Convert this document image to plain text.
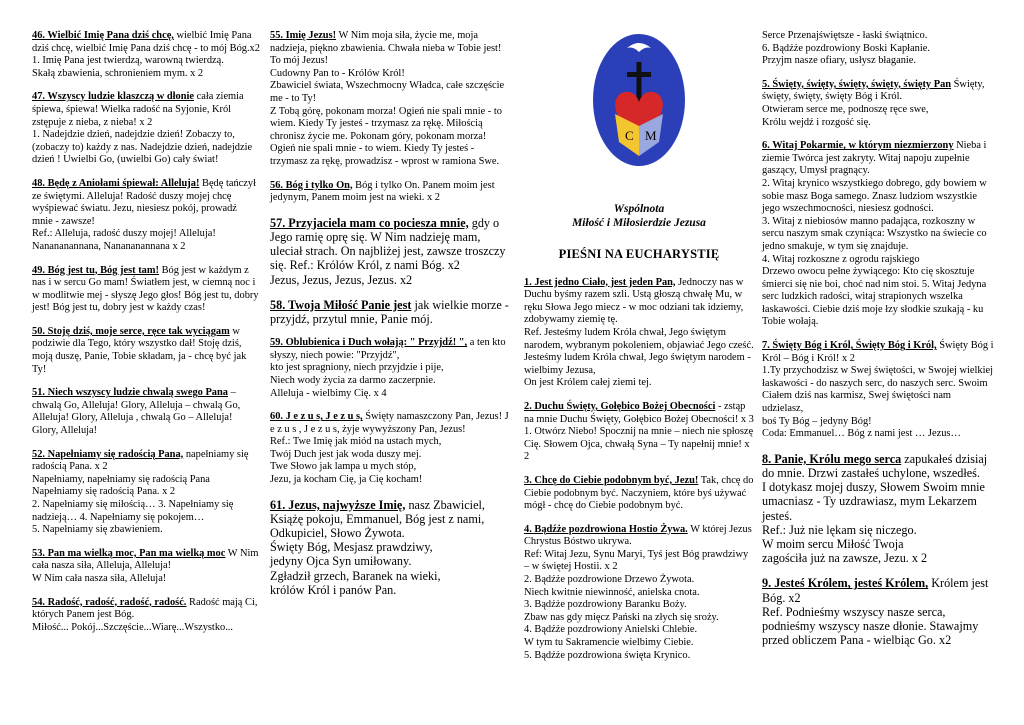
46. Wielbić Imię Pana dziś chcę, wielbić Imię Pana dziś chcę, wielbić Imię Pana dziś chcę - to mój Bóg.x2
1. Imię Pana jest twierdzą, warowną twierdzą.
Skałą zbawienia, schronieniem mym. x 2
47. Wszyscy ludzie klaszczą w dłonie cała ziemia śpiewa, śpiewa! Wielka radość na Syjonie, Król zstępuje z nieba, z nieba! x 2
1. Nadejdzie dzień, nadejdzie dzień! Zobaczy to, (zobaczy to) każdy z nas. Nadejdzie dzień, nadejdzie dzień ! Uwielbi Go, (uwielbi Go) cały świat!
48. Będę z Aniołami śpiewał: Alleluja! Będę tańczył ze świętymi. Alleluja! Radość duszy mojej chcę wyśpiewać światu. Jezu, niesiesz pokój, prowadź mnie - zawsze!
Ref.: Alleluja, radość duszy mojej! Alleluja! Nanananannana, Nanananannana x 2
49. Bóg jest tu, Bóg jest tam! Bóg jest w każdym z nas i w sercu Go mam! Światłem jest, w ciemną noc i w modlitwie mej - słyszę Jego głos! Bóg jest tu, dobry jest! Bóg jest tu, dobry jest w każdy czas!
50. Stoję dziś, moje serce, ręce tak wyciągam w podziwie dla Tego, który wszystko dał! Stoję dziś, moją duszę, Panie, Tobie składam, ja - chcę być jak Ty!
51. Niech wszyscy ludzie chwalą swego Pana – chwalą Go, Alleluja! Glory, Alleluja – chwalą Go, Alleluja! Glory, Alleluja , chwalą Go – Alleluja! Glory, Alleluja!
52. Napełniamy się radością Pana, napełniamy się radością Pana. x 2
Napełniamy, napełniamy się radością Pana
Napełniamy się radością Pana. x 2
2. Napełniamy się miłością… 3. Napełniamy się nadzieją… 4. Napełniamy się pokojem…
5. Napełniamy się zbawieniem.
53. Pan ma wielką moc, Pan ma wielką moc W Nim cała nasza siła, Alleluja, Alleluja!
W Nim cała nasza siła, Alleluja!
54. Radość, radość, radość, radość. Radość mają Ci, których Panem jest Bóg.
Miłość... Pokój...Szczęście...Wiarę...Wszystko...
55. Imię Jezus! W Nim moja siła, życie me, moja nadzieja, piękno zbawienia. Chwała nieba w Tobie jest! To mój Jezus!
Cudowny Pan to - Królów Król!
Zbawiciel świata, Wszechmocny Władca, całe szczęście me - to Ty!
Z Tobą górę, pokonam morza! Ogień nie spali mnie - to wiem. Kiedy Ty jesteś - trzymasz za rękę. Miłością chronisz życie me. Pokonam góry, pokonam morza! Ogień nie spali mnie - to wiem. Kiedy Ty jesteś - trzymasz za rękę, prowadzisz - wprost w ramiona Swe.
56. Bóg i tylko On, Bóg i tylko On. Panem moim jest jedynym, Panem moim jest na wieki. x 2
57. Przyjaciela mam co pociesza mnie, gdy o Jego ramię oprę się. W Nim nadzieję mam, uleciał strach. On najbliżej jest, zawsze troszczy się. Ref.: Królów Król, z nami Bóg. x2
Jezus, Jezus, Jezus, Jezus. x2
58. Twoja Miłość Panie jest jak wielkie morze - przyjdź, przytul mnie, Panie mój.
59. Oblubienica i Duch wołają: " Przyjdź! ", a ten kto słyszy, niech powie: "Przyjdź",
kto jest spragniony, niech przyjdzie i pije,
Niech wody życia za darmo zaczerpnie.
Alleluja - wielbimy Cię. x 4
60. J e z u s, J e z u s, Święty namaszczony Pan, Jezus! J e z u s , J e z u s, żyje wywyższony Pan, Jezus!
Ref.: Twe Imię jak miód na ustach mych,
Twój Duch jest jak woda duszy mej.
Twe Słowo jak lampa u mych stóp,
Jezu, ja kocham Cię, ja Cię kocham!
61. Jezus, najwyższe Imię, nasz Zbawiciel, Książę pokoju, Emmanuel, Bóg jest z nami, Odkupiciel, Słowo Żywota.
Święty Bóg, Mesjasz prawdziwy,
jedyny Ojca Syn umiłowany.
Zgładził grzech, Baranek na wieki,
królów Król i panów Pan.
C M
Wspólnota
Miłość i Miłosierdzie Jezusa
PIEŚNI NA EUCHARYSTIĘ
1. Jest jedno Ciało, jest jeden Pan, Jednoczy nas w Duchu byśmy razem szli. Ustą głoszą chwałę Mu, w ręku Słowa Jego miecz - w moc odziani tak idziemy, zdobywamy ziemię tę.
Ref. Jesteśmy ludem Króla chwał, Jego świętym narodem, wybranym pokoleniem, objawiać Jego cześć. Jesteśmy ludem Króla chwał, Jego świętym narodem - wielbimy Jezusa,
On jest Królem całej ziemi tej.
2. Duchu Święty, Gołębico Bożej Obecności - zstąp na mnie Duchu Święty, Gołębico Bożej Obecności! x 3
1. Otwórz Niebo! Spocznij na mnie – niech nie spłoszę Cię. Słowem Ojca, chwałą Syna – Ty napełnij mnie! x 2
3. Chcę do Ciebie podobnym być, Jezu! Tak, chcę do Ciebie podobnym być. Naczyniem, które byś używać mógł - chcę do Ciebie podobnym być.
4. Bądźże pozdrowiona Hostio Żywa. W której Jezus Chrystus Bóstwo ukrywa.
Ref: Witaj Jezu, Synu Maryi, Tyś jest Bóg prawdziwy – w świętej Hostii. x 2
2. Bądźże pozdrowione Drzewo Żywota.
Niech kwitnie niewinność, anielska cnota.
3. Bądźże pozdrowiony Baranku Boży.
Zbaw nas gdy mięcz Pański na złych się sroży.
4. Bądźże pozdrowiony Anielski Chlebie.
W tym tu Sakramencie wielbimy Ciebie.
5. Bądźże pozdrowiona święta Krynico.
Serce Przenajświętsze - łaski świątnico.
6. Bądźże pozdrowiony Boski Kapłanie.
Przyjm nasze ofiary, usłysz błaganie.
5. Święty, święty, święty, święty, święty Pan Święty, święty, święty, święty Bóg i Król.
Otwieram serce me, podnoszę ręce swe,
Królu wejdź i rozgość się.
6. Witaj Pokarmie, w którym niezmierzony Nieba i ziemie Twórca jest zakryty. Witaj napoju zupełnie gaszący, Umysł pragnący.
2. Witaj krynico wszystkiego dobrego, gdy bowiem w sobie masz Boga samego. Znasz ludziom wszystkie jego wszechmocności, niesiesz godności.
3. Witaj z niebiosów manno padająca, rozkoszny w sercu naszym smak czyniąca: Wszystko na świecie co jedno smakuje, w tym się znajduje.
4. Witaj rozkoszne z ogrodu rajskiego
Drzewo owocu pełne żywiącego: Kto cię skosztuje śmierci się nie boi, choć nad nim stoi. 5. Witaj Jedyna serc ludzkich radości, witaj strapionych wszelka łaskawości. Ciebie dziś moje łzy słodkie szukają - ku Tobie wołają.
7. Święty Bóg i Król, Święty Bóg i Król, Święty Bóg i Król – Bóg i Król! x 2
1.Ty przychodzisz w Swej świętości, w Swojej wielkiej łaskawości - do naszych serc, do naszych serc. Swoim Ciałem dziś nas karmisz, Swej świętości nam udzielasz,
boś Ty Bóg – jedyny Bóg!
Coda: Emmanuel… Bóg z nami jest … Jezus…
8. Panie, Królu mego serca zapukałeś dzisiaj do mnie. Drzwi zastałeś uchylone, wszedłeś.
I dotykasz mojej duszy, Słowem Swoim mnie umacniasz - Ty uzdrawiasz, mym Lekarzem jesteś.
Ref.: Już nie lękam się niczego.
W moim sercu Miłość Twoja
zagościła już na zawsze, Jezu. x 2
9. Jesteś Królem, jesteś Królem, Królem jest Bóg. x2
Ref. Podnieśmy wszyscy nasze serca, podnieśmy wszyscy nasze dłonie. Stawajmy przed obliczem Pana - wielbiąc Go. x2
